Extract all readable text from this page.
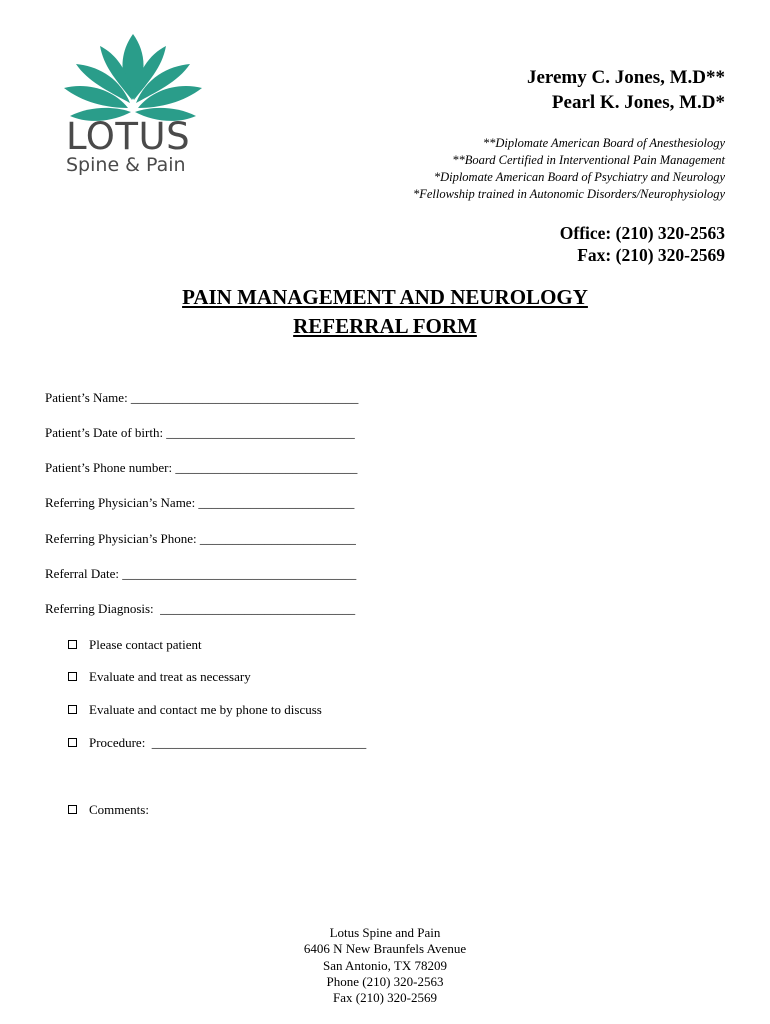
LOTUS
Spine & Pain
Jeremy C. Jones, M.D**
Pearl K. Jones, M.D*
**Diplomate American Board of Anesthesiology
**Board Certified in Interventional Pain Management
*Diplomate American Board of Psychiatry and Neurology
*Fellowship trained in Autonomic Disorders/Neurophysiology
Office: (210) 320-2563
Fax: (210) 320-2569
PAIN MANAGEMENT AND NEUROLOGY
REFERRAL FORM
Patient’s Name: ___________________________________
Patient’s Date of birth: _____________________________
Patient’s Phone number: ____________________________
Referring Physician’s Name: ________________________
Referring Physician’s Phone: ________________________
Referral Date: ____________________________________
Referring Diagnosis:  ______________________________
Please contact patient
Evaluate and treat as necessary
Evaluate and contact me by phone to discuss
Procedure:  _________________________________
Comments:
Lotus Spine and Pain
6406 N New Braunfels Avenue
San Antonio, TX 78209
Phone (210) 320-2563
Fax (210) 320-2569
